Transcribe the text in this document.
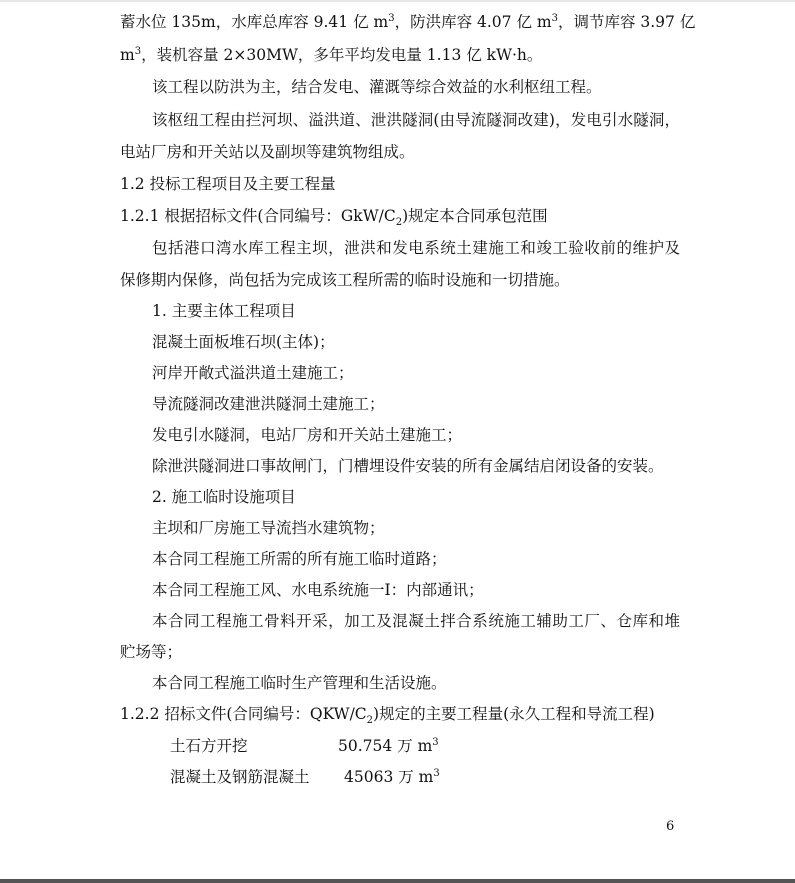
蓄水位 135m，水库总库容 9.41 亿 $m^3$，防洪库容 4.07 亿 $m^3$，调节库容 3.97 亿
$m^3$，装机容量 2×30MW，多年平均发电量 1.13 亿 kW·h。
该工程以防洪为主，结合发电、灌溉等综合效益的水利枢纽工程。
该枢纽工程由拦河坝、溢洪道、泄洪隧洞(由导流隧洞改建)，发电引水隧洞，
电站厂房和开关站以及副坝等建筑物组成。
1.2 投标工程项目及主要工程量
1.2.1 根据招标文件(合同编号：GkW/$C_2$)规定本合同承包范围
包括港口湾水库工程主坝，泄洪和发电系统土建施工和竣工验收前的维护及
保修期内保修，尚包括为完成该工程所需的临时设施和一切措施。
1. 主要主体工程项目
混凝土面板堆石坝(主体)；
河岸开敞式溢洪道土建施工；
导流隧洞改建泄洪隧洞土建施工；
发电引水隧洞，电站厂房和开关站土建施工；
除泄洪隧洞进口事故闸门，门槽埋设件安装的所有金属结启闭设备的安装。
2. 施工临时设施项目
主坝和厂房施工导流挡水建筑物；
本合同工程施工所需的所有施工临时道路；
本合同工程施工风、水电系统施一I：内部通讯；
本合同工程施工骨料开采，加工及混凝土拌合系统施工辅助工厂、仓库和堆
贮场等；
本合同工程施工临时生产管理和生活设施。
1.2.2 招标文件(合同编号：QKW/$C_2$)规定的主要工程量(永久工程和导流工程)
土石方开挖	50.754 万 $m^3$
混凝土及钢筋混凝土 45063 万 $m^3$
6
